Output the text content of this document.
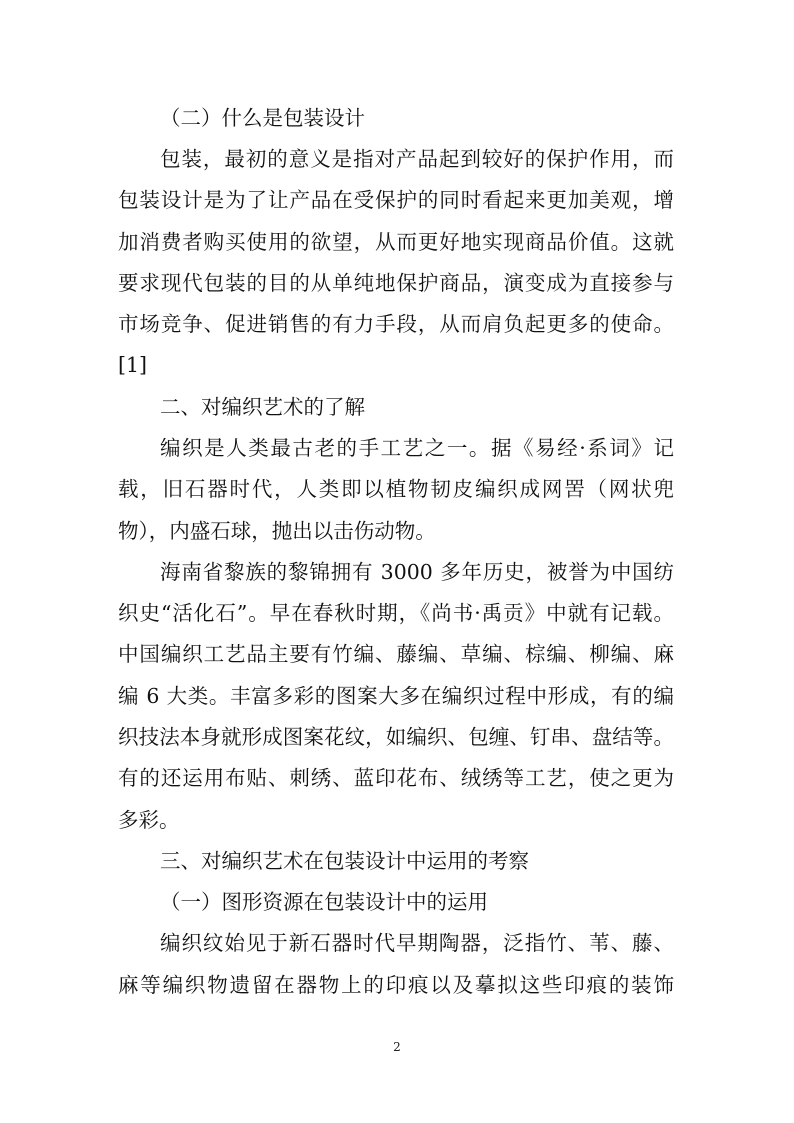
（二）什么是包装设计
包装，最初的意义是指对产品起到较好的保护作用，而
包装设计是为了让产品在受保护的同时看起来更加美观，增
加消费者购买使用的欲望，从而更好地实现商品价值。这就
要求现代包装的目的从单纯地保护商品，演变成为直接参与
市场竞争、促进销售的有力手段，从而肩负起更多的使命。
[1]
二、对编织艺术的了解
编织是人类最古老的手工艺之一。据《易经·系词》记
载，旧石器时代，人类即以植物韧皮编织成网罟（网状兜
物），内盛石球，抛出以击伤动物。
海南省黎族的黎锦拥有 3000 多年历史，被誉为中国纺
织史“活化石”。早在春秋时期，《尚书·禹贡》中就有记载。
中国编织工艺品主要有竹编、藤编、草编、棕编、柳编、麻
编 6 大类。丰富多彩的图案大多在编织过程中形成，有的编
织技法本身就形成图案花纹，如编织、包缠、钉串、盘结等。
有的还运用布贴、刺绣、蓝印花布、绒绣等工艺，使之更为
多彩。
三、对编织艺术在包装设计中运用的考察
（一）图形资源在包装设计中的运用
编织纹始见于新石器时代早期陶器，泛指竹、苇、藤、
麻等编织物遗留在器物上的印痕以及摹拟这些印痕的装饰
2
